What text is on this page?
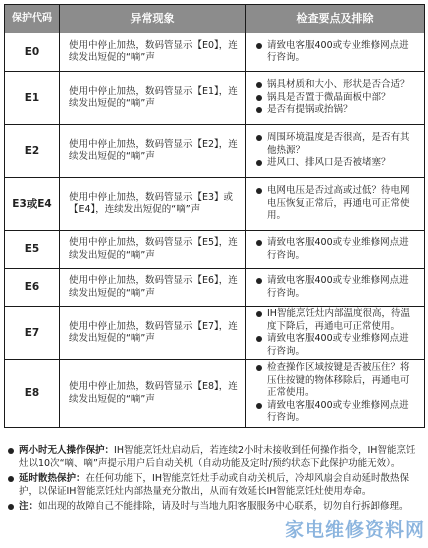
保护代码	异常现象	检查要点及排除
E0
使用中停止加热，数码管显示【E0】，连续发出短促的“嘀”声
请致电客服400或专业维修网点进行咨询。
E1
使用中停止加热，数码管显示【E1】，连续发出短促的“嘀”声
锅具材质和大小、形状是否合适？
锅具是否置于微晶面板中部？
是否有提锅或抬锅？
E2
使用中停止加热，数码管显示【E2】，连续发出短促的“嘀”声
周围环境温度是否很高，是否有其他热源？
进风口、排风口是否被堵塞？
E3或E4
使用中停止加热，数码管显示【E3】或【E4】，连续发出短促的“嘀”声
电网电压是否过高或过低？待电网电压恢复正常后，再通电可正常使用。
E5
使用中停止加热，数码管显示【E5】，连续发出短促的“嘀”声
请致电客服400或专业维修网点进行咨询。
E6
使用中停止加热，数码管显示【E6】，连续发出短促的“嘀”声
请致电客服400或专业维修网点进行咨询。
E7
使用中停止加热，数码管显示【E7】，连续发出短促的“嘀”声
IH智能烹饪灶内部温度很高，待温度下降后，再通电可正常使用。
请致电客服400或专业维修网点进行咨询。
E8
使用中停止加热，数码管显示【E8】，连续发出短促的“嘀”声
检查操作区域按键是否被压住？将压住按键的物体移除后，再通电可正常使用。
请致电客服400或专业维修网点进行咨询。
两小时无人操作保护：IH智能烹饪灶启动后，若连续2小时未接收到任何操作指令，IH智能烹饪灶以10次“嘀、嘀”声提示用户后自动关机（自动功能及定时/预约状态下此保护功能无效）。
延时散热保护：在任何功能下，IH智能烹饪灶手动或自动关机后，冷却风扇会自动延时散热保护，以保证IH智能烹饪灶内部热量充分散出，从而有效延长IH智能烹饪灶使用寿命。
注：如出现的故障自己不能排除，请及时与当地九阳客服服务中心联系，切勿自行拆卸修理。
家电维修资料网
